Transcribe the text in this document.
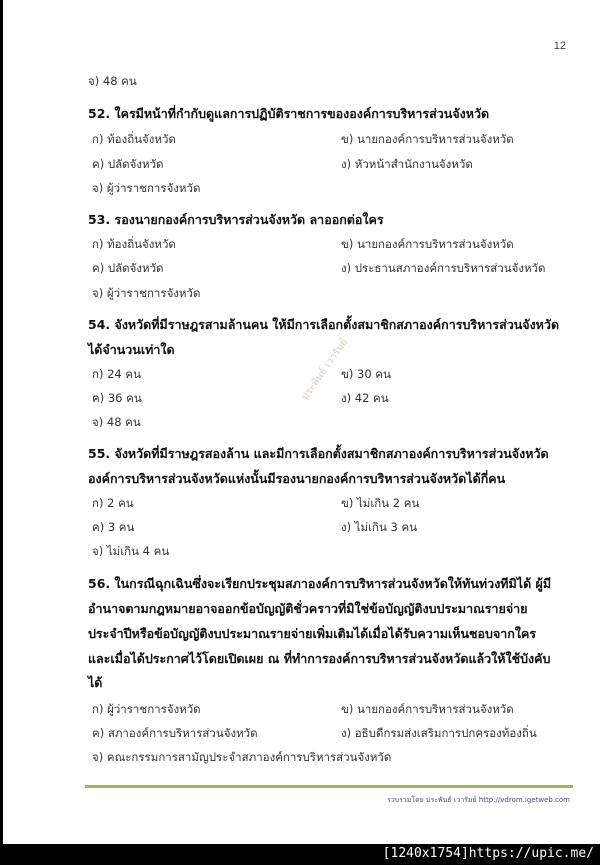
12
ประพันธ์ เวารัมย์
จ) 48 คน
52. ใครมีหน้าที่กำกับดูแลการปฏิบัติราชการขององค์การบริหารส่วนจังหวัด
ก) ท้องถิ่นจังหวัด	ข) นายกองค์การบริหารส่วนจังหวัด
ค) ปลัดจังหวัด	ง) หัวหน้าสำนักงานจังหวัด
จ) ผู้ว่าราชการจังหวัด
53. รองนายกองค์การบริหารส่วนจังหวัด ลาออกต่อใคร
ก) ท้องถิ่นจังหวัด	ข) นายกองค์การบริหารส่วนจังหวัด
ค) ปลัดจังหวัด	ง) ประธานสภาองค์การบริหารส่วนจังหวัด
จ) ผู้ว่าราชการจังหวัด
54. จังหวัดที่มีราษฎรสามล้านคน ให้มีการเลือกตั้งสมาชิกสภาองค์การบริหารส่วนจังหวัด
ได้จำนวนเท่าใด
ก) 24 คน	ข) 30 คน
ค) 36 คน	ง) 42 คน
จ) 48 คน
55. จังหวัดที่มีราษฎรสองล้าน และมีการเลือกตั้งสมาชิกสภาองค์การบริหารส่วนจังหวัด
องค์การบริหารส่วนจังหวัดแห่งนั้นมีรองนายกองค์การบริหารส่วนจังหวัดได้กี่คน
ก) 2 คน	ข) ไม่เกิน 2 คน
ค) 3 คน	ง) ไม่เกิน 3 คน
จ) ไม่เกิน 4 คน
56. ในกรณีฉุกเฉินซึ่งจะเรียกประชุมสภาองค์การบริหารส่วนจังหวัดให้ทันท่วงทีมิได้ ผู้มี
อำนาจตามกฎหมายอาจออกข้อบัญญัติชั่วคราวที่มิใช่ข้อบัญญัติงบประมาณรายจ่าย
ประจำปีหรือข้อบัญญัติงบประมาณรายจ่ายเพิ่มเติมได้เมื่อได้รับความเห็นชอบจากใคร
และเมื่อได้ประกาศไว้โดยเปิดเผย ณ ที่ทำการองค์การบริหารส่วนจังหวัดแล้วให้ใช้บังคับ
ได้
ก) ผู้ว่าราชการจังหวัด	ข) นายกองค์การบริหารส่วนจังหวัด
ค) สภาองค์การบริหารส่วนจังหวัด	ง) อธิบดีกรมส่งเสริมการปกครองท้องถิ่น
จ) คณะกรรมการสามัญประจำสภาองค์การบริหารส่วนจังหวัด
รวบรวมโดย ประพันธ์ เวารัมย์ http://vdrom.igetweb.com
[1240x1754]https://upic.me/
